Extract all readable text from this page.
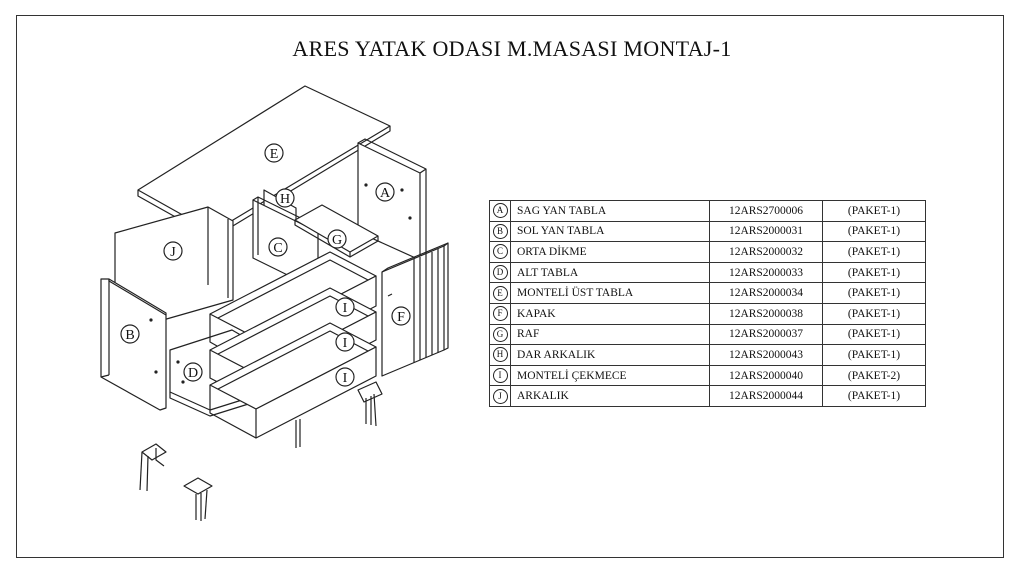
ARES YATAK ODASI M.MASASI MONTAJ-1
E
A
H
C
G
J
B
F
I
I
I
D
A	SAG YAN TABLA	12ARS2700006	(PAKET-1)
B	SOL YAN TABLA	12ARS2000031	(PAKET-1)
C	ORTA DİKME	12ARS2000032	(PAKET-1)
D	ALT TABLA	12ARS2000033	(PAKET-1)
E	MONTELİ ÜST TABLA	12ARS2000034	(PAKET-1)
F	KAPAK	12ARS2000038	(PAKET-1)
G	RAF	12ARS2000037	(PAKET-1)
H	DAR ARKALIK	12ARS2000043	(PAKET-1)
I	MONTELİ ÇEKMECE	12ARS2000040	(PAKET-2)
J	ARKALIK	12ARS2000044	(PAKET-1)
